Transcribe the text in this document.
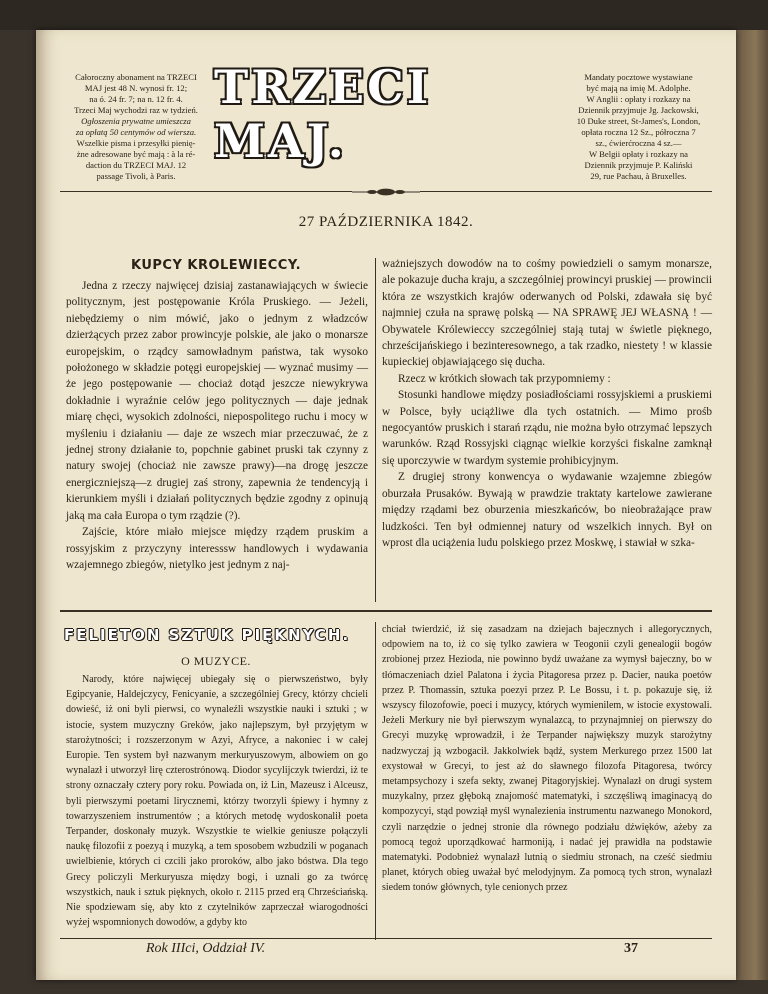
Całoroczny abonament na TRZECI
MAJ jest 48 N. wynosi fr. 12;
na ó. 24 fr. 7; na n. 12 fr. 4.
Trzeci Maj wychodzi raz w tydzień.
Ogłoszenia prywatne umieszcza
za opłatą 50 centymów od wiersza.
Wszelkie pisma i przesyłki pienię-
żne adresowane być mają : à la ré-
daction du TRZECI MAJ. 12
passage Tivoli, à Paris.
TRZECI MAJ.
Mandaty pocztowe wystawiane
być mają na imię M. Adolphe.
W Anglii : opłaty i rozkazy na
Dziennik przyjmuje Jg. Jackowski,
10 Duke street, St-James's, London,
opłata roczna 12 Sz., półroczna 7
sz., ćwierćroczna 4 sz.—
W Belgii opłaty i rozkazy na
Dziennik przyjmuje P. Kaliński
29, rue Pachau, à Bruxelles.
27 PAŹDZIERNIKA 1842.
KUPCY KROLEWIECCY.

Jedna z rzeczy najwięcej dzisiaj zastanawiających w świecie politycznym, jest postępowanie Króla Pruskiego. — Jeżeli, niebędziemy o nim mówić, jako o jednym z władzców dzierżących przez zabor prowincyje polskie, ale jako o monarsze europejskim, o rządcy samowładnym państwa, tak wysoko położonego w składzie potęgi europejskiej — wyznać musimy — że jego postępowanie — chociaż dotąd jeszcze niewykrywa dokładnie i wyraźnie celów jego politycznych — daje jednak miarę chęci, wysokich zdolności, niepospolitego ruchu i mocy w myśleniu i działaniu — daje ze wszech miar przeczuwać, że z jednej strony działanie to, popchnie gabinet pruski tak czynny z natury swojej (chociaż nie zawsze prawy)—na drogę jeszcze energiczniejszą—z drugiej zaś strony, zapewnia że tendencyją i kierunkiem myśli i działań politycznych będzie zgodny z opinują jaką ma cała Europa o tym rządzie (?).

Zajście, które miało miejsce między rządem pruskim a rossyjskim z przyczyny interesssw handlowych i wydawania wzajemnego zbiegów, nietylko jest jednym z naj-

ważniejszych dowodów na to cośmy powiedzieli o samym monarsze, ale pokazuje ducha kraju, a szczególniej prowincyi pruskiej — prowincii która ze wszystkich krajów oderwanych od Polski, zdawała się być najmniej czuła na sprawę polską — NA SPRAWĘ JEJ WŁASNĄ ! — Obywatele Królewieccy szczególniej stają tutaj w świetle pięknego, chrześcijańskiego i bezinteresownego, a tak rzadko, niestety ! w klassie kupieckiej objawiającego się ducha.

Rzecz w krótkich słowach tak przypomniemy :

Stosunki handlowe między posiadłościami rossyjskiemi a pruskiemi w Polsce, były uciążliwe dla tych ostatnich. — Mimo prośb negocyantów pruskich i starań rządu, nie można było otrzymać lepszych warunków. Rząd Rossyjski ciągnąc wielkie korzyści fiskalne zamknął się uporczywie w twardym systemie prohibicyjnym.

Z drugiej strony konwencya o wydawanie wzajemne zbiegów oburzała Prusaków. Bywają w prawdzie traktaty kartelowe zawierane między rządami bez oburzenia mieszkańców, bo nieobrażające praw ludzkości. Ten był odmiennej natury od wszelkich innych. Był on wprost dla uciążenia ludu polskiego przez Moskwę, i stawiał w szka-

FELIETON SZTUK PIĘKNYCH.
O MUZYCE.

Narody, które najwięcej ubiegały się o pierwszeństwo, były Egipcyanie, Haldejczycy, Fenicyanie, a szczególniej Grecy, którzy chcieli dowieść, iż oni byli pierwsi, co wynaleźli wszystkie nauki i sztuki ; w istocie, system muzyczny Greków, jako najlepszym, był przyjętym w starożytności; i rozszerzonym w Azyi, Afryce, a nakoniec i w całej Europie. Ten system był nazwanym merkuryuszowym, albowiem on go wynalazł i utworzył lirę czterostrónową. Diodor sycylijczyk twierdzi, iż te strony oznaczały cztery pory roku. Powiada on, iż Lin, Mazeusz i Alceusz, byli pierwszymi poetami lirycznemi, którzy tworzyli śpiewy i hymny z towarzyszeniem instrumentów ; a których metodę wydoskonalił poeta Terpander, doskonały muzyk. Wszystkie te wielkie geniusze połączyli naukę filozofii z poezyą i muzyką, a tem sposobem wzbudzili w poganach uwielbienie, których ci czcili jako proroków, albo jako bóstwa. Dla tego Grecy policzyli Merkuryusza między bogi, i uznali go za twórcę wszystkich, nauk i sztuk pięknych, około r. 2115 przed erą Chrześciańską. Nie spodziewam się, aby kto z czytelników zaprzeczał wiarogodności wyżej wspomnionych dowodów, a gdyby kto

chciał twierdzić, iż się zasadzam na dziejach bajecznych i allegorycznych, odpowiem na to, iż co się tylko zawiera w Teogonii czyli genealogii bogów zrobionej przez Hezioda, nie powinno bydź uważane za wymysł bajeczny, bo w tłómaczeniach dziel Palatona i życia Pitagoresa przez p. Dacier, nauka poetów przez P. Thomassin, sztuka poezyi przez P. Le Bossu, i t. p. pokazuje się, iż wszyscy filozofowie, poeci i muzycy, których wymienilem, w istocie exystowali. Jeżeli Merkury nie był pierwszym wynalazcą, to przynajmniej on pierwszy do Grecyi muzykę wprowadził, i że Terpander największy muzyk starożytny nadzwyczaj ją wzbogacił. Jakkolwiek bądź, system Merkurego przez 1500 lat exystował w Grecyi, to jest aż do sławnego filozofa Pitagoresa, twórcy metampsychozy i szefa sekty, zwanej Pitagoryjskiej. Wynalazł on drugi system muzykalny, przez głęboką znajomość matematyki, i szczęśliwą imaginacyą do kompozycyi, stąd powziął myśl wynalezienia instrumentu nazwanego Monokord, czyli narzędzie o jednej stronie dla równego podziału dźwięków, ażeby za pomocą tegoż uporządkować harmoniją, i nadać jej prawidła na podstawie matematyki. Podobnież wynalazł lutnią o siedmiu stronach, na cześć siedmiu planet, których obieg uważał być melodyjnym. Za pomocą tych stron, wynalazł siedem tonów głównych, tyle cenionych przez

Rok IIIci, Oddział IV.	37
